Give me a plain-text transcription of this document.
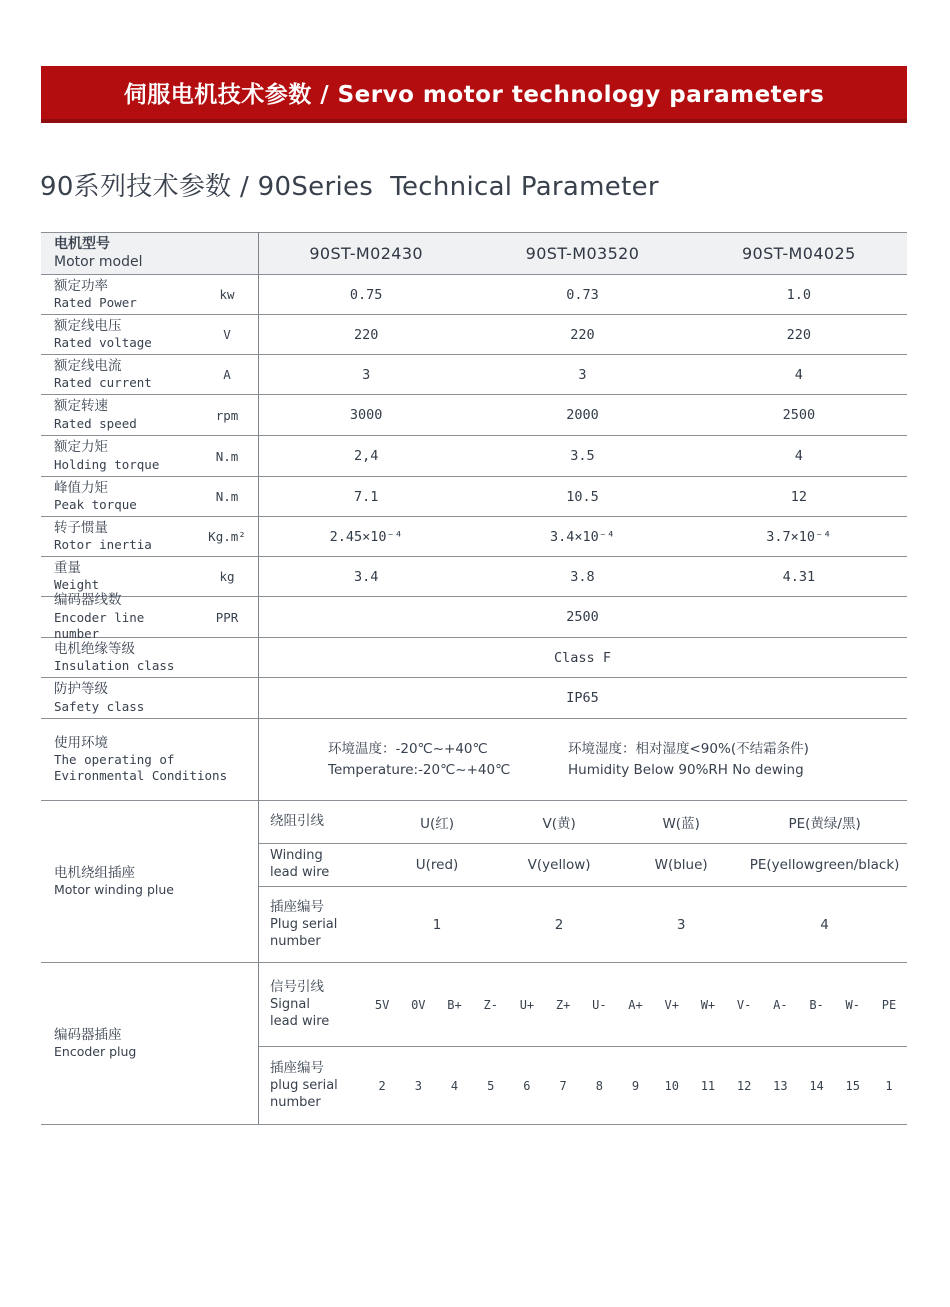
伺服电机技术参数 / Servo motor technology parameters
90系列技术参数 / 90Series  Technical Parameter
电机型号
Motor model	90ST-M02430	90ST-M03520	90ST-M04025
额定功率
Rated Power
kw	0.75	0.73	1.0
额定线电压
Rated voltage
V	220	220	220
额定线电流
Rated current
A	3	3	4
额定转速
Rated speed
rpm	3000	2000	2500
额定力矩
Holding torque
N.m	2,4	3.5	4
峰值力矩
Peak torque
N.m	7.1	10.5	12
转子惯量
Rotor inertia
Kg.m²	2.45×10⁻⁴	3.4×10⁻⁴	3.7×10⁻⁴
重量
Weight
kg	3.4	3.8	4.31
编码器线数
Encoder line number
PPR	2500
电机绝缘等级
Insulation class
Class F
防护等级
Safety class
IP65
使用环境
The operating of
Evironmental Conditions
环境温度：-20℃~+40℃
Temperature:-20℃~+40℃
环境湿度：相对湿度<90%(不结霜条件)
Humidity Below 90%RH No dewing
电机绕组插座
Motor winding plue
绕阻引线	U(红)	V(黄)	W(蓝)	PE(黄绿/黑)
Winding
lead wire	U(red)	V(yellow)	W(blue)	PE(yellowgreen/black)
插座编号
Plug serial
number
1	2	3	4
编码器插座
Encoder plug
信号引线
Signal
lead wire
5V	0V	B+	Z-	U+	Z+	U-	A+	V+	W+	V-	A-	B-	W-	PE
插座编号
plug serial
number
2	3	4	5	6	7	8	9	10	11	12	13	14	15	1
